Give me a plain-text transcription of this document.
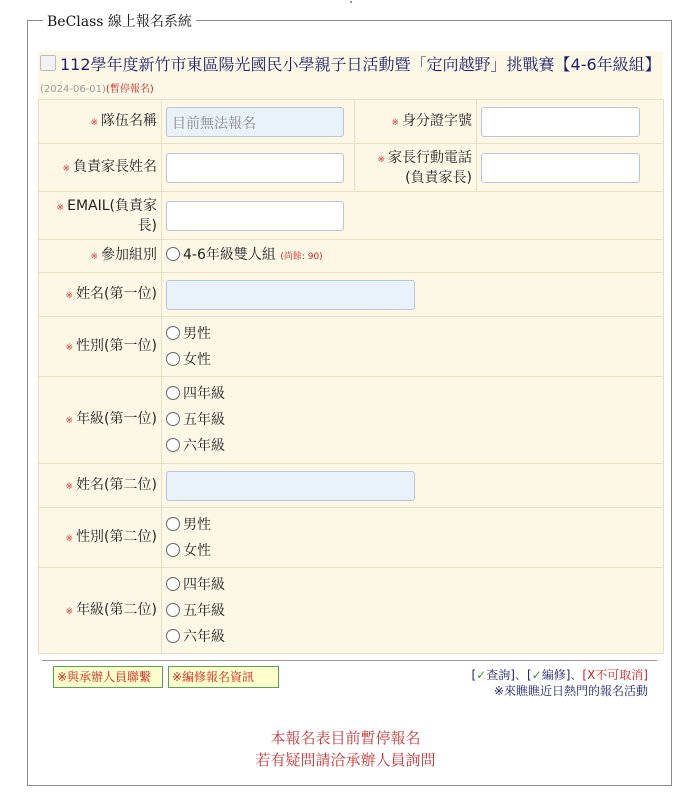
BeClass 線上報名系統
112學年度新竹市東區陽光國民小學親子日活動暨「定向越野」挑戰賽【4-6年級組】 (2024-06-01)(暫停報名)
※ 隊伍名稱	目前無法報名	※ 身分證字號	
※ 負責家長姓名		※ 家長行動電話
(負責家長)	
※ EMAIL(負責家
長)			
※ 參加組別	4-6年級雙人組 (尚餘: 90)		
※ 姓名(第一位)			
※ 性別(第一位)	男性
女性		

※ 年級(第一位)	四年級
五年級
六年級		

※ 姓名(第二位)			
※ 性別(第二位)	男性
女性		

※ 年級(第二位)	四年級
五年級
六年級		
※與承辦人員聯繫	※編修報名資訊	[✓查詢]、[✓編修]、[X不可取消]
※來瞧瞧近日熱門的報名活動
本報名表目前暫停報名
若有疑問請洽承辦人員詢問
